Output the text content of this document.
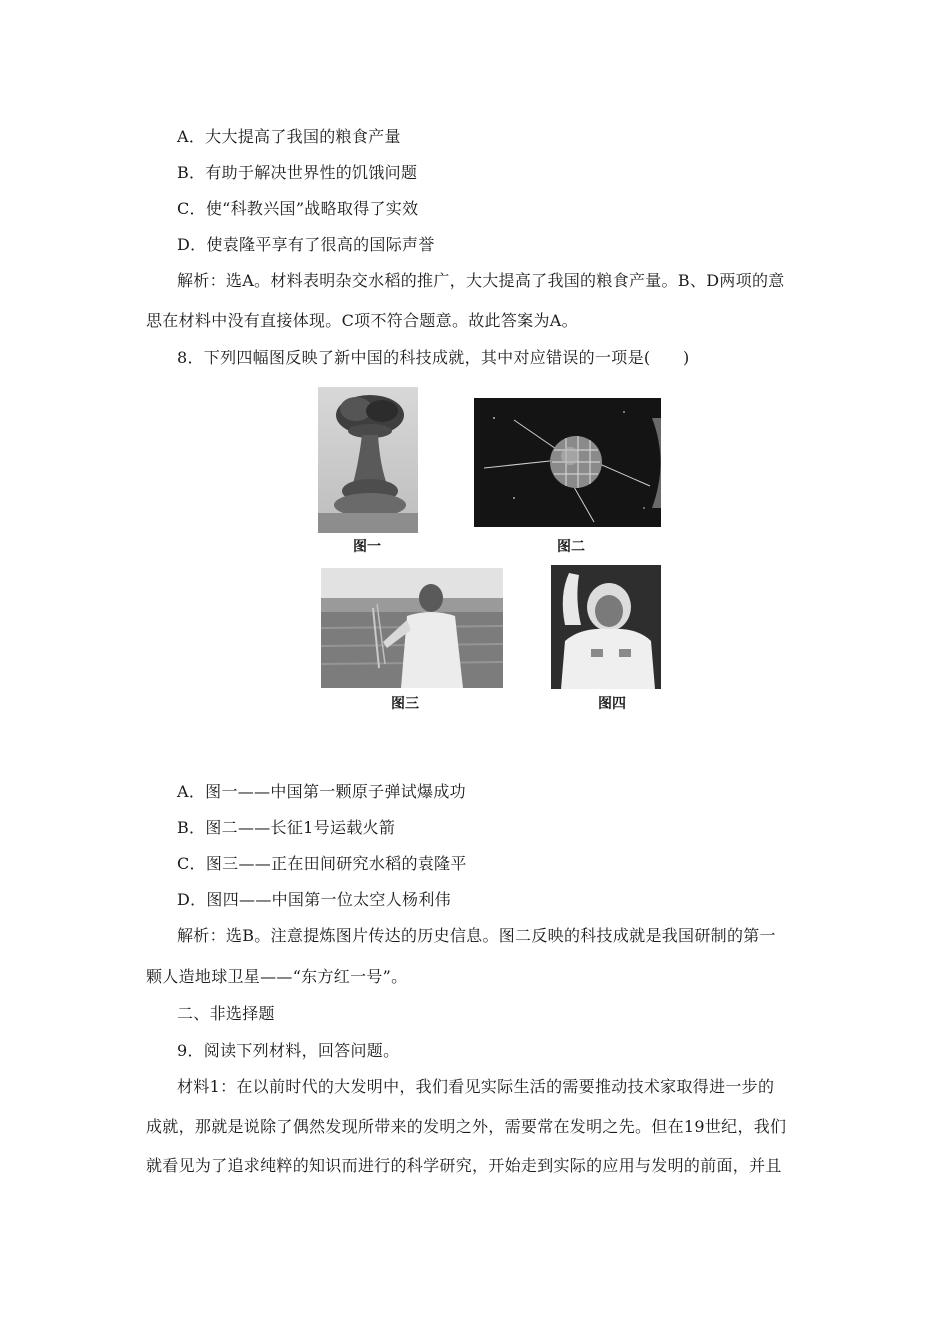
A．大大提高了我国的粮食产量
B．有助于解决世界性的饥饿问题
C．使“科教兴国”战略取得了实效
D．使袁隆平享有了很高的国际声誉
解析：选A。材料表明杂交水稻的推广，大大提高了我国的粮食产量。B、D两项的意
思在材料中没有直接体现。C项不符合题意。故此答案为A。
8．下列四幅图反映了新中国的科技成就，其中对应错误的一项是(　　)
图一	图二
图三	图四
A．图一——中国第一颗原子弹试爆成功
B．图二——长征1号运载火箭
C．图三——正在田间研究水稻的袁隆平
D．图四——中国第一位太空人杨利伟
解析：选B。注意提炼图片传达的历史信息。图二反映的科技成就是我国研制的第一
颗人造地球卫星——“东方红一号”。
二、非选择题
9．阅读下列材料，回答问题。
材料1：在以前时代的大发明中，我们看见实际生活的需要推动技术家取得进一步的
成就，那就是说除了偶然发现所带来的发明之外，需要常在发明之先。但在19世纪，我们
就看见为了追求纯粹的知识而进行的科学研究，开始走到实际的应用与发明的前面，并且
